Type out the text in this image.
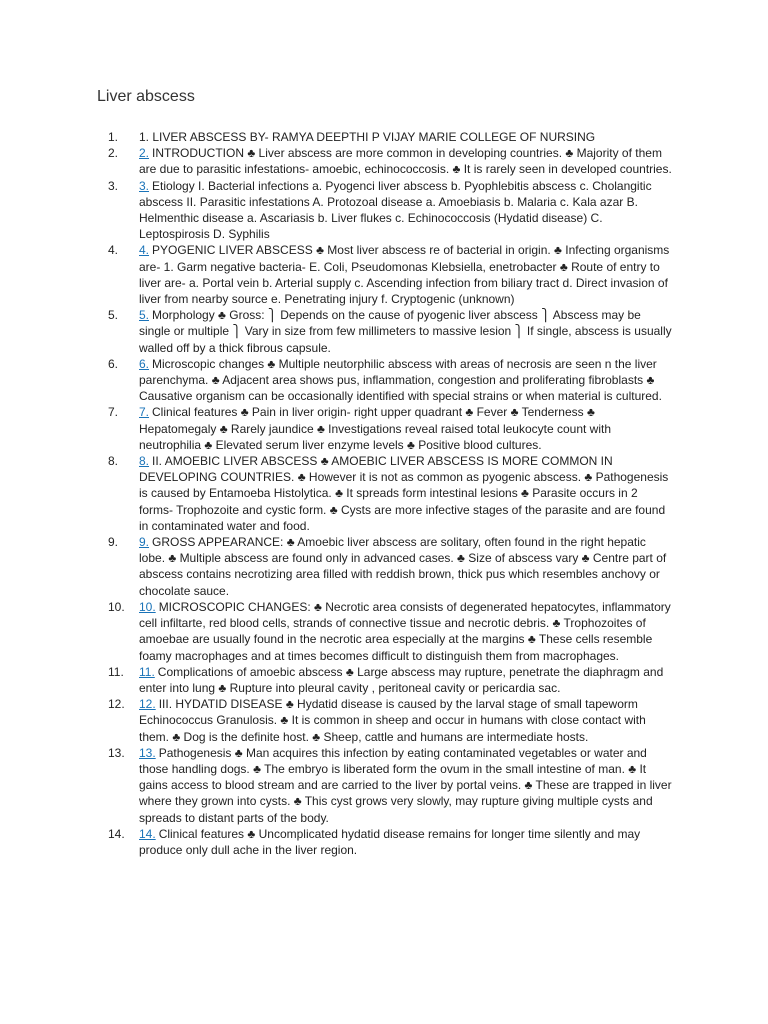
Liver abscess
1.	1. LIVER ABSCESS BY- RAMYA DEEPTHI P VIJAY MARIE COLLEGE OF NURSING
2.	2. INTRODUCTION ♣ Liver abscess are more common in developing countries. ♣ Majority of them are due to parasitic infestations- amoebic, echinococcosis. ♣ It is rarely seen in developed countries.
3.	3. Etiology I. Bacterial infections a. Pyogenci liver abscess b. Pyophlebitis abscess c. Cholangitic abscess II. Parasitic infestations A. Protozoal disease a. Amoebiasis b. Malaria c. Kala azar B. Helmenthic disease a. Ascariasis b. Liver flukes c. Echinococcosis (Hydatid disease) C. Leptospirosis D. Syphilis
4.	4. PYOGENIC LIVER ABSCESS ♣ Most liver abscess re of bacterial in origin. ♣ Infecting organisms are- 1. Garm negative bacteria- E. Coli, Pseudomonas Klebsiella, enetrobacter ♣ Route of entry to liver are- a. Portal vein b. Arterial supply c. Ascending infection from biliary tract d. Direct invasion of liver from nearby source e. Penetrating injury f. Cryptogenic (unknown)
5.	5. Morphology ♣ Gross: ⎫ Depends on the cause of pyogenic liver abscess ⎫ Abscess may be single or multiple ⎫ Vary in size from few millimeters to massive lesion ⎫ If single, abscess is usually walled off by a thick fibrous capsule.
6.	6. Microscopic changes ♣ Multiple neutorphilic abscess with areas of necrosis are seen n the liver parenchyma. ♣ Adjacent area shows pus, inflammation, congestion and proliferating fibroblasts ♣ Causative organism can be occasionally identified with special strains or when material is cultured.
7.	7. Clinical features ♣ Pain in liver origin- right upper quadrant ♣ Fever ♣ Tenderness ♣ Hepatomegaly ♣ Rarely jaundice ♣ Investigations reveal raised total leukocyte count with neutrophilia ♣ Elevated serum liver enzyme levels ♣ Positive blood cultures.
8.	8. II. AMOEBIC LIVER ABSCESS ♣ AMOEBIC LIVER ABSCESS IS MORE COMMON IN DEVELOPING COUNTRIES. ♣ However it is not as common as pyogenic abscess. ♣ Pathogenesis is caused by Entamoeba Histolytica. ♣ It spreads form intestinal lesions ♣ Parasite occurs in 2 forms- Trophozoite and cystic form. ♣ Cysts are more infective stages of the parasite and are found in contaminated water and food.
9.	9. GROSS APPEARANCE: ♣ Amoebic liver abscess are solitary, often found in the right hepatic lobe. ♣ Multiple abscess are found only in advanced cases. ♣ Size of abscess vary ♣ Centre part of abscess contains necrotizing area filled with reddish brown, thick pus which resembles anchovy or chocolate sauce.
10.	10. MICROSCOPIC CHANGES: ♣ Necrotic area consists of degenerated hepatocytes, inflammatory cell infiltarte, red blood cells, strands of connective tissue and necrotic debris. ♣ Trophozoites of amoebae are usually found in the necrotic area especially at the margins ♣ These cells resemble foamy macrophages and at times becomes difficult to distinguish them from macrophages.
11.	11. Complications of amoebic abscess ♣ Large abscess may rupture, penetrate the diaphragm and enter into lung ♣ Rupture into pleural cavity , peritoneal cavity or pericardia sac.
12.	12. III. HYDATID DISEASE ♣ Hydatid disease is caused by the larval stage of small tapeworm Echinococcus Granulosis. ♣ It is common in sheep and occur in humans with close contact with them. ♣ Dog is the definite host. ♣ Sheep, cattle and humans are intermediate hosts.
13.	13. Pathogenesis ♣ Man acquires this infection by eating contaminated vegetables or water and those handling dogs. ♣ The embryo is liberated form the ovum in the small intestine of man. ♣ It gains access to blood stream and are carried to the liver by portal veins. ♣ These are trapped in liver where they grown into cysts. ♣ This cyst grows very slowly, may rupture giving multiple cysts and spreads to distant parts of the body.
14.	14. Clinical features ♣ Uncomplicated hydatid disease remains for longer time silently and may produce only dull ache in the liver region.
